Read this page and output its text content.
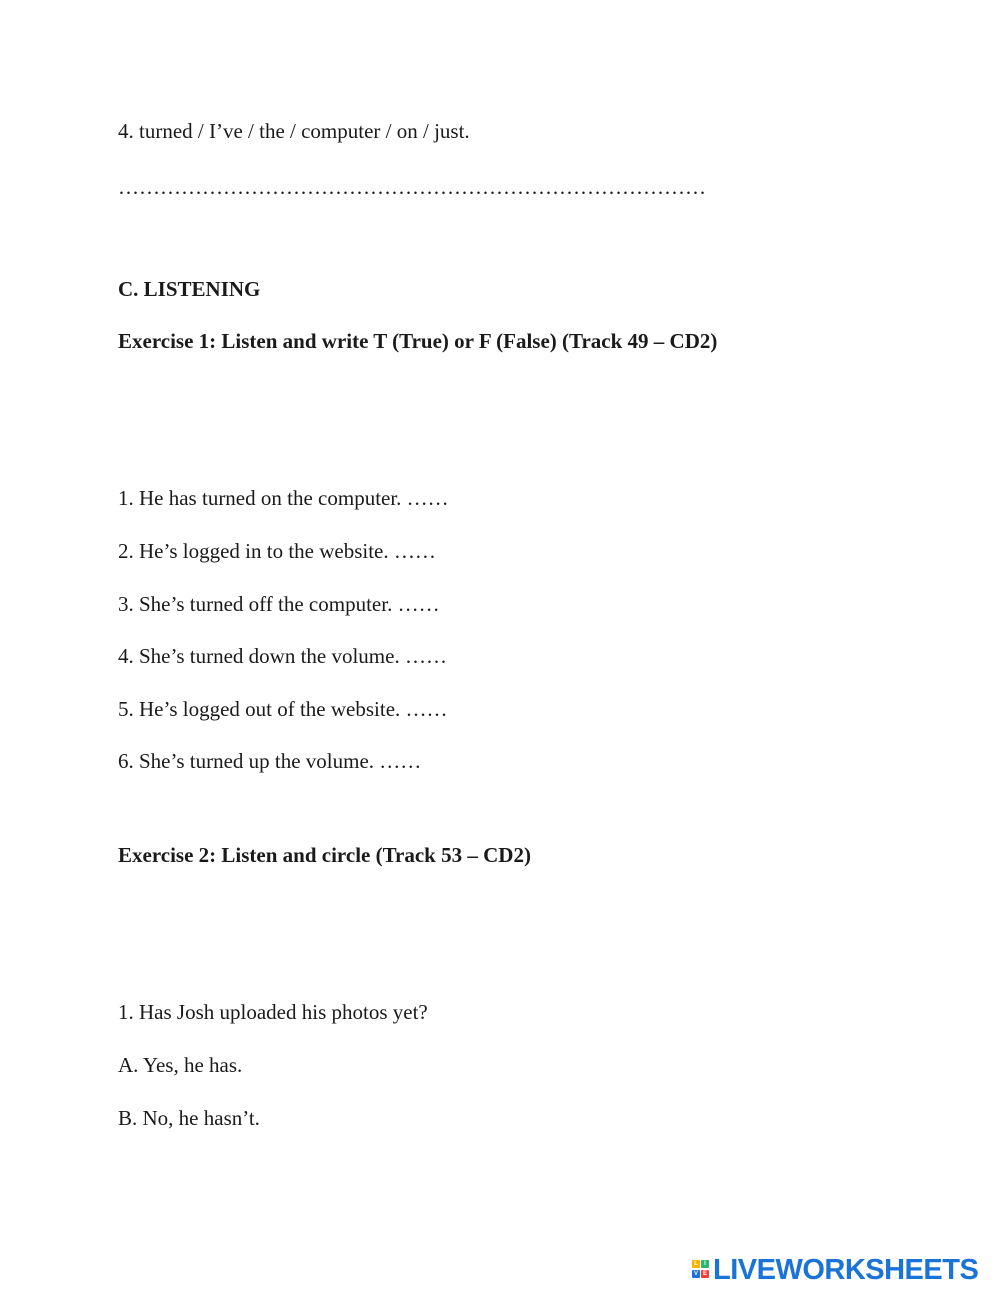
4. turned / I’ve / the / computer / on / just.
…………………………………………………………………………
C. LISTENING
Exercise 1: Listen and write T (True) or F (False) (Track 49 – CD2)
1. He has turned on the computer. ……
2. He’s logged in to the website. ……
3. She’s turned off the computer. ……
4. She’s turned down the volume. ……
5. He’s logged out of the website. ……
6. She’s turned up the volume. ……
Exercise 2: Listen and circle (Track 53 – CD2)
1. Has Josh uploaded his photos yet?
A. Yes, he has.
B. No, he hasn’t.
L	I
V E LIVEWORKSHEETS
